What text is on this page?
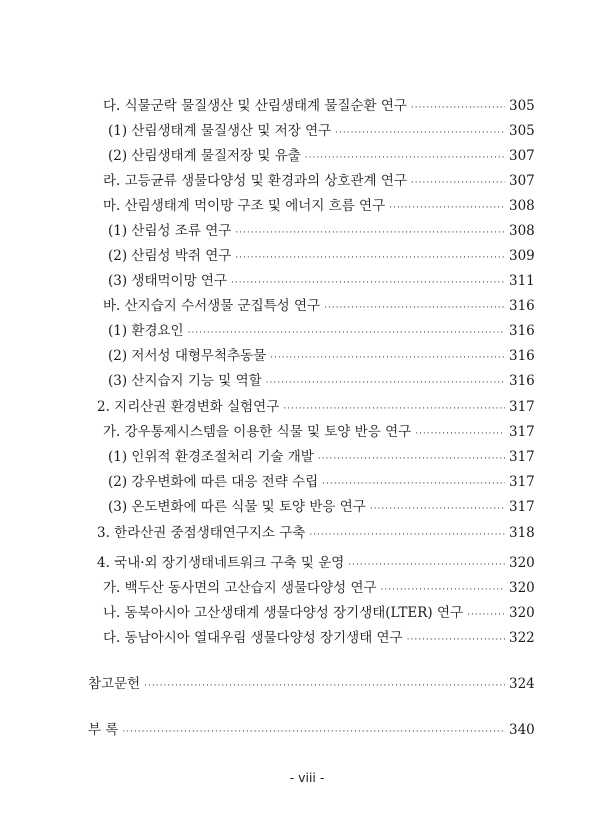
다. 식물군락 물질생산 및 산림생태계 물질순환 연구 ·····	305
(1) 산림생태계 물질생산 및 저장 연구 ·····	305
(2) 산림생태계 물질저장 및 유출 ·····	307
라. 고등균류 생물다양성 및 환경과의 상호관계 연구 ·····	307
마. 산림생태계 먹이망 구조 및 에너지 흐름 연구 ·····	308
(1) 산림성 조류 연구 ·····	308
(2) 산림성 박쥐 연구 ·····	309
(3) 생태먹이망 연구 ·····	311
바. 산지습지 수서생물 군집특성 연구 ·····	316
(1) 환경요인 ·····	316
(2) 저서성 대형무척추동물 ·····	316
(3) 산지습지 기능 및 역할 ·····	316
2. 지리산권 환경변화 실험연구 ·····	317
가. 강우통제시스템을 이용한 식물 및 토양 반응 연구 ·····	317
(1) 인위적 환경조절처리 기술 개발 ·····	317
(2) 강우변화에 따른 대응 전략 수립 ·····	317
(3) 온도변화에 따른 식물 및 토양 반응 연구 ·····	317
3. 한라산권 중점생태연구지소 구축 ·····	318
4. 국내·외 장기생태네트워크 구축 및 운영 ·····	320
가. 백두산 동사면의 고산습지 생물다양성 연구 ·····	320
나. 동북아시아 고산생태계 생물다양성 장기생태(LTER) 연구 ·····	320
다. 동남아시아 열대우림 생물다양성 장기생태 연구 ·····	322
참고문헌 ·····	324
부 록 ·····	340
- viii -
